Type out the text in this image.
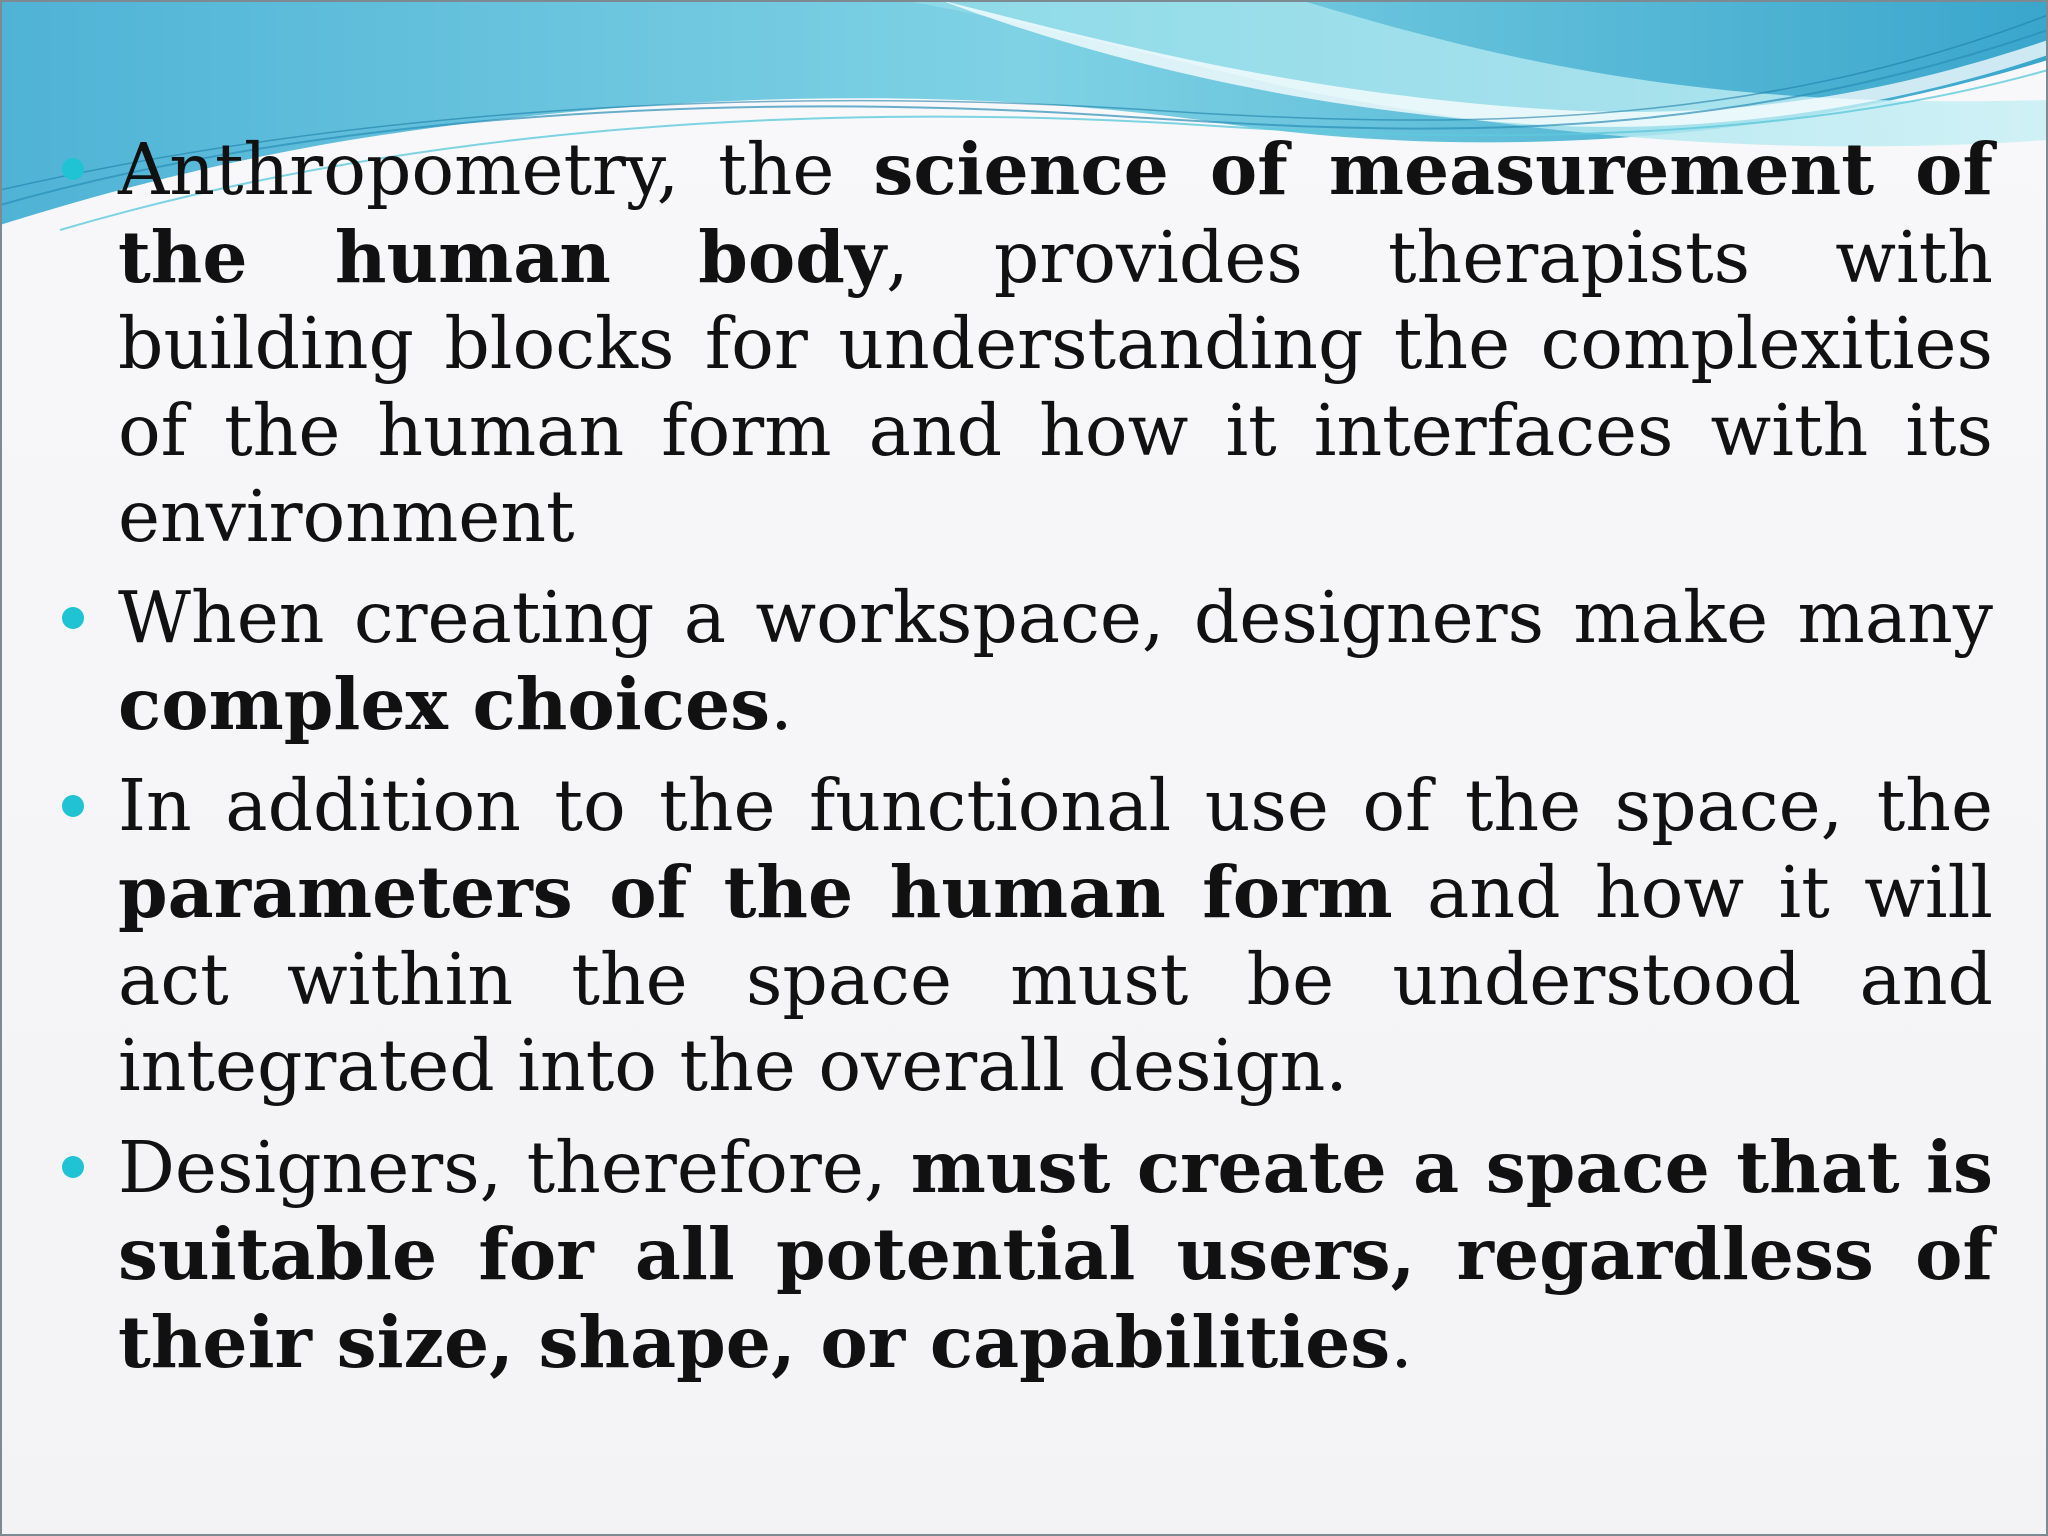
Anthropometry, the science of measurement of the human body, provides therapists with building blocks for understanding the complexities of the human form and how it interfaces with its environment
When creating a workspace, designers make many complex choices.
In addition to the functional use of the space, the parameters of the human form and how it will act within the space must be understood and integrated into the overall design.
Designers, therefore, must create a space that is suitable for all potential users, regardless of their size, shape, or capabilities.
